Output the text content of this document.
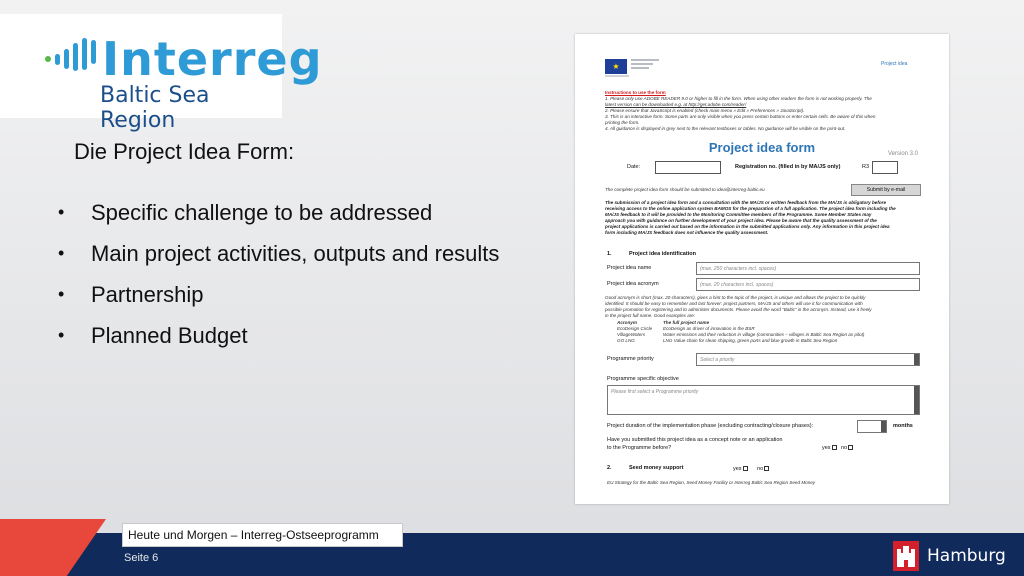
Interreg
Baltic Sea Region
Die Project Idea Form:
• Specific challenge to be addressed
• Main project activities, outputs and results
• Partnership
• Planned Budget
★	Project idea
Instructions to use the form
1. Please only use ADOBE READER 9.0 or higher to fill in the form. When using other readers the form is not working properly. The
latest version can be downloaded e.g. at http://get.adobe.com/reader/
2. Please ensure that JavaScript is enabled (check main menu » Edit » Preferences » JavaScript).
3. This is an interactive form. Some parts are only visible when you press certain buttons or enter certain cells. Be aware of this when
printing the form.
4. All guidance is displayed in grey next to the relevant textboxes or tables. No guidance will be visible on the print-out.
Project idea form	Version 3.0
Date:	Registration no. (filled in by MA/JS only)	R3
The complete project idea form should be submitted to idea@interreg-baltic.eu	Submit by e-mail
The submission of a project idea form and a consultation with the MA/JS or written feedback from the MA/JS is obligatory before
receiving access to the online application system BAMOS for the preparation of a full application. The project idea form including the
MA/JS feedback to it will be provided to the Monitoring Committee members of the Programme. Some Member States may
approach you with guidance on further development of your project idea. Please be aware that the quality assessment of the
project applications is carried out based on the information in the submitted applications only. Any information in this project idea
form including MA/JS feedback does not influence the quality assessment.
1.	Project idea identification
Project idea name	(max. 250 characters incl. spaces)
Project idea acronym	(max. 20 characters incl. spaces)
Good acronym is short (max. 20 characters), gives a hint to the topic of the project, is unique and allows the project to be quickly
identified. It should be easy to remember and last forever: project partners, MA/JS and others will use it for communication with
possible promotion for registering and to administer documents. Please avoid the word “Baltic” in the acronym. Instead, use it freely
in the project full name. Good examples are:
Acronym	The full project name
EcoDesign Circle	EcoDesign as driver of innovation in the BSR
VillageWaters	Water emissions and their reduction in village (communities – villages in Baltic Sea Region as pilot)
GO LNG	LNG Value chain for clean shipping, green ports and blue growth in Baltic Sea Region
Programme priority	Select a priority
Programme specific objective
Please first select a Programme priority
Project duration of the implementation phase (excluding contracting/closure phases):	months
Have you submitted this project idea as a concept note or an application
to the Programme before?	yes no
2.	Seed money support	yes	no
EU Strategy for the Baltic Sea Region, Seed Money Facility or Interreg Baltic Sea Region Seed Money
Heute und Morgen – Interreg-Ostseeprogramm
Seite 6	Hamburg
